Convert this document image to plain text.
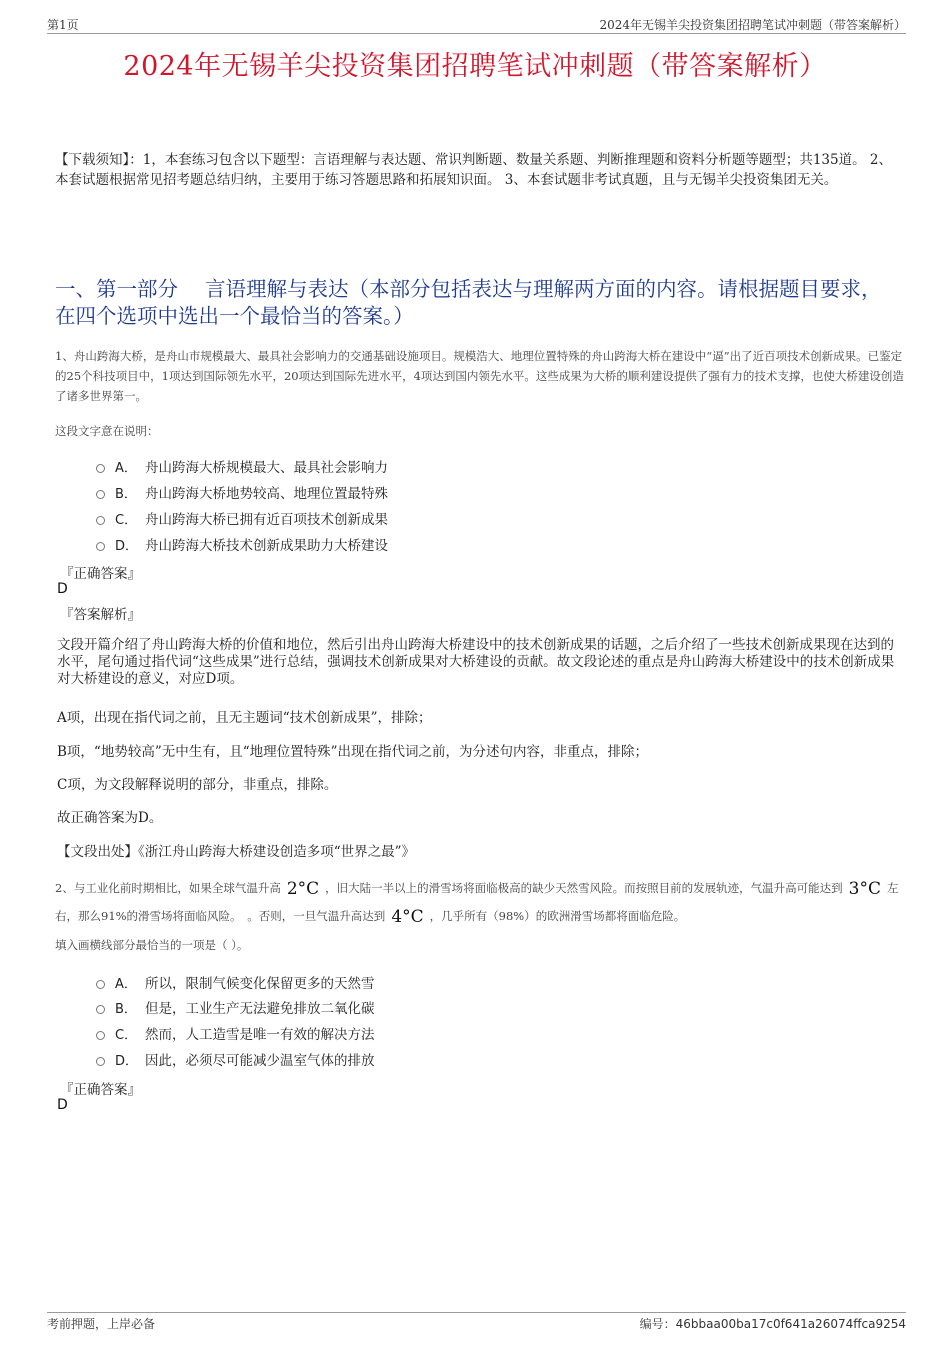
第1页	2024年无锡羊尖投资集团招聘笔试冲刺题（带答案解析）
2024年无锡羊尖投资集团招聘笔试冲刺题（带答案解析）
【下载须知】：1，本套练习包含以下题型：言语理解与表达题、常识判断题、数量关系题、判断推理题和资料分析题等题型；共135道。 2、本套试题根据常见招考题总结归纳，主要用于练习答题思路和拓展知识面。 3、本套试题非考试真题，且与无锡羊尖投资集团无关。
一、第一部分　 言语理解与表达（本部分包括表达与理解两方面的内容。请根据题目要求，在四个选项中选出一个最恰当的答案。）
1、舟山跨海大桥，是舟山市规模最大、最具社会影响力的交通基础设施项目。规模浩大、地理位置特殊的舟山跨海大桥在建设中“逼”出了近百项技术创新成果。已鉴定的25个科技项目中，1项达到国际领先水平，20项达到国际先进水平，4项达到国内领先水平。这些成果为大桥的顺利建设提供了强有力的技术支撑，也使大桥建设创造了诸多世界第一。
这段文字意在说明：
A． 舟山跨海大桥规模最大、最具社会影响力
B． 舟山跨海大桥地势较高、地理位置最特殊
C． 舟山跨海大桥已拥有近百项技术创新成果
D． 舟山跨海大桥技术创新成果助力大桥建设
『正确答案』
D
『答案解析』
文段开篇介绍了舟山跨海大桥的价值和地位，然后引出舟山跨海大桥建设中的技术创新成果的话题，之后介绍了一些技术创新成果现在达到的水平，尾句通过指代词“这些成果”进行总结，强调技术创新成果对大桥建设的贡献。故文段论述的重点是舟山跨海大桥建设中的技术创新成果对大桥建设的意义，对应D项。
A项，出现在指代词之前，且无主题词“技术创新成果”，排除；
B项，“地势较高”无中生有，且“地理位置特殊”出现在指代词之前，为分述句内容，非重点，排除；
C项，为文段解释说明的部分，非重点，排除。
故正确答案为D。
【文段出处】《浙江舟山跨海大桥建设创造多项“世界之最”》
2、与工业化前时期相比，如果全球气温升高 2°C ，旧大陆一半以上的滑雪场将面临极高的缺少天然雪风险。而按照目前的发展轨迹，气温升高可能达到 3°C 左右，那么91%的滑雪场将面临风险。　。否则，一旦气温升高达到 4°C ，几乎所有（98%）的欧洲滑雪场都将面临危险。
填入画横线部分最恰当的一项是（ ）。
A． 所以，限制气候变化保留更多的天然雪
B． 但是，工业生产无法避免排放二氧化碳
C． 然而，人工造雪是唯一有效的解决方法
D． 因此，必须尽可能减少温室气体的排放
『正确答案』
D
考前押题，上岸必备	编号：46bbaa00ba17c0f641a26074ffca9254
